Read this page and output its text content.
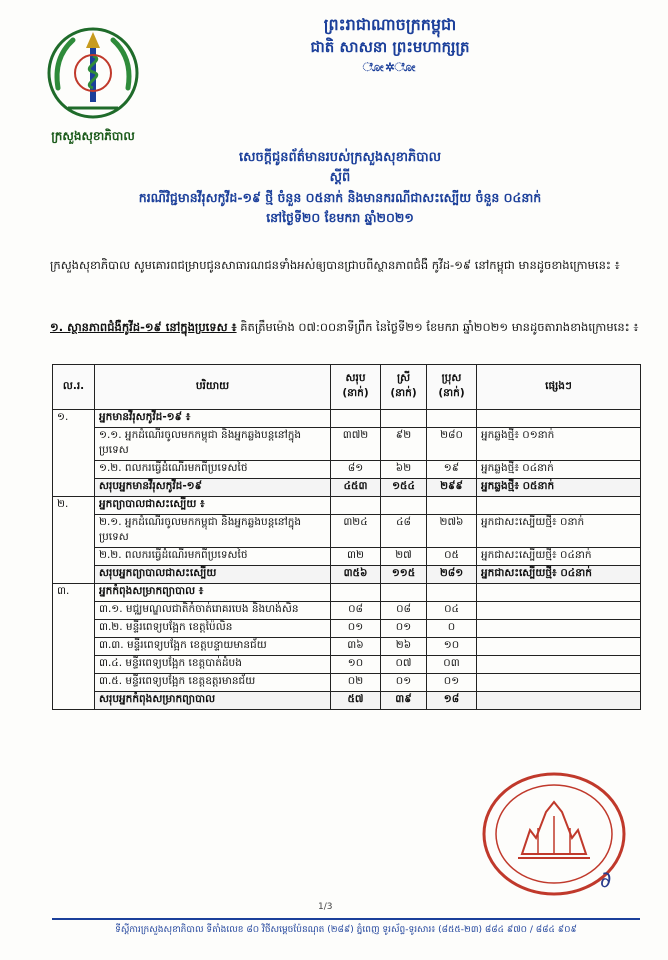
ក្រសួងសុខាភិបាល
ព្រះរាជាណាចក្រកម្ពុជា
ជាតិ សាសនា ព្រះមហាក្សត្រ
ೋ✲ೋ
សេចក្តីជូនព័ត៌មានរបស់ក្រសួងសុខាភិបាល
ស្តីពី
ករណីវិជ្ជមានវីរុសកូវីដ-១៩ ថ្មី ចំនួន ០៥នាក់ និងមានករណីជាសះស្បើយ ចំនួន ០៤នាក់
នៅថ្ងៃទី២០ ខែមករា ឆ្នាំ២០២១
ក្រសួងសុខាភិបាល សូមគោរពជម្រាបជូនសាធារណជនទាំងអស់ឲ្យបានជ្រាបពីស្ថានភាពជំងឺ កូវីដ-១៩ នៅកម្ពុជា មានដូចខាងក្រោមនេះ ៖
១. ស្ថានភាពជំងឺកូវីដ-១៩ នៅក្នុងប្រទេស ៖ គិតត្រឹមម៉ោង ០៧:០០នាទីព្រឹក នៃថ្ងៃទី២១ ខែមករា ឆ្នាំ២០២១ មានដូចតារាងខាងក្រោមនេះ ៖
ល.រ.	បរិយាយ	សរុប (នាក់)	ស្រី (នាក់)	ប្រុស (នាក់)	ផ្សេងៗ
១.	អ្នកមានវីរុសកូវីដ-១៩ ៖				
	១.១. អ្នកដំណើរចូលមកកម្ពុជា និងអ្នកឆ្លងបន្តនៅក្នុងប្រទេស	៣៧២	៩២	២៨០	អ្នកឆ្លងថ្មី៖ ០១នាក់
	១.២. ពលករធ្វើដំណើរមកពីប្រទេសថៃ	៨១	៦២	១៩	អ្នកឆ្លងថ្មី៖ ០៤នាក់
	សរុបអ្នកមានវីរុសកូវីដ-១៩	៤៥៣	១៥៤	២៩៩	អ្នកឆ្លងថ្មី៖ ០៥នាក់
២.	អ្នកព្យាបាលជាសះស្បើយ ៖				
	២.១. អ្នកដំណើរចូលមកកម្ពុជា និងអ្នកឆ្លងបន្តនៅក្នុងប្រទេស	៣២៤	៤៨	២៧៦	អ្នកជាសះស្បើយថ្មី៖ ០នាក់
	២.២. ពលករធ្វើដំណើរមកពីប្រទេសថៃ	៣២	២៧	០៥	អ្នកជាសះស្បើយថ្មី៖ ០៤នាក់
	សរុបអ្នកព្យាបាលជាសះស្បើយ	៣៥៦	១១៥	២៨១	អ្នកជាសះស្បើយថ្មី៖ ០៤នាក់
៣.	អ្នកកំពុងសម្រាកព្យាបាល ៖				
	៣.១. មជ្ឈមណ្ឌលជាតិកំចាត់រោគរបេង និងហង់សិន	០៨	០៨	០៤	
	៣.២. មន្ទីរពេទ្យបង្អែក ខេត្តប៉ៃលិន	០១	០១	០	
	៣.៣. មន្ទីរពេទ្យបង្អែក ខេត្តបន្ទាយមានជ័យ	៣៦	២៦	១០	
	៣.៤. មន្ទីរពេទ្យបង្អែក ខេត្តបាត់ដំបង	១០	០៧	០៣	
	៣.៥. មន្ទីរពេទ្យបង្អែក ខេត្តឧត្តរមានជ័យ	០២	០១	០១	
	សរុបអ្នកកំពុងសម្រាកព្យាបាល	៥៧	៣៩	១៨	
∂
1/3
ទីស្តីការក្រសួងសុខាភិបាល ទីតាំងលេខ ៨០ វិថីសម្តេចប៉ែនណុត (២៨៩) ភ្នំពេញ ទូរស័ព្ទ-ទូរសារ៖ (៨៥៥-២៣) ៨៨៤ ៩៧០ / ៨៨៤ ៩០៩
